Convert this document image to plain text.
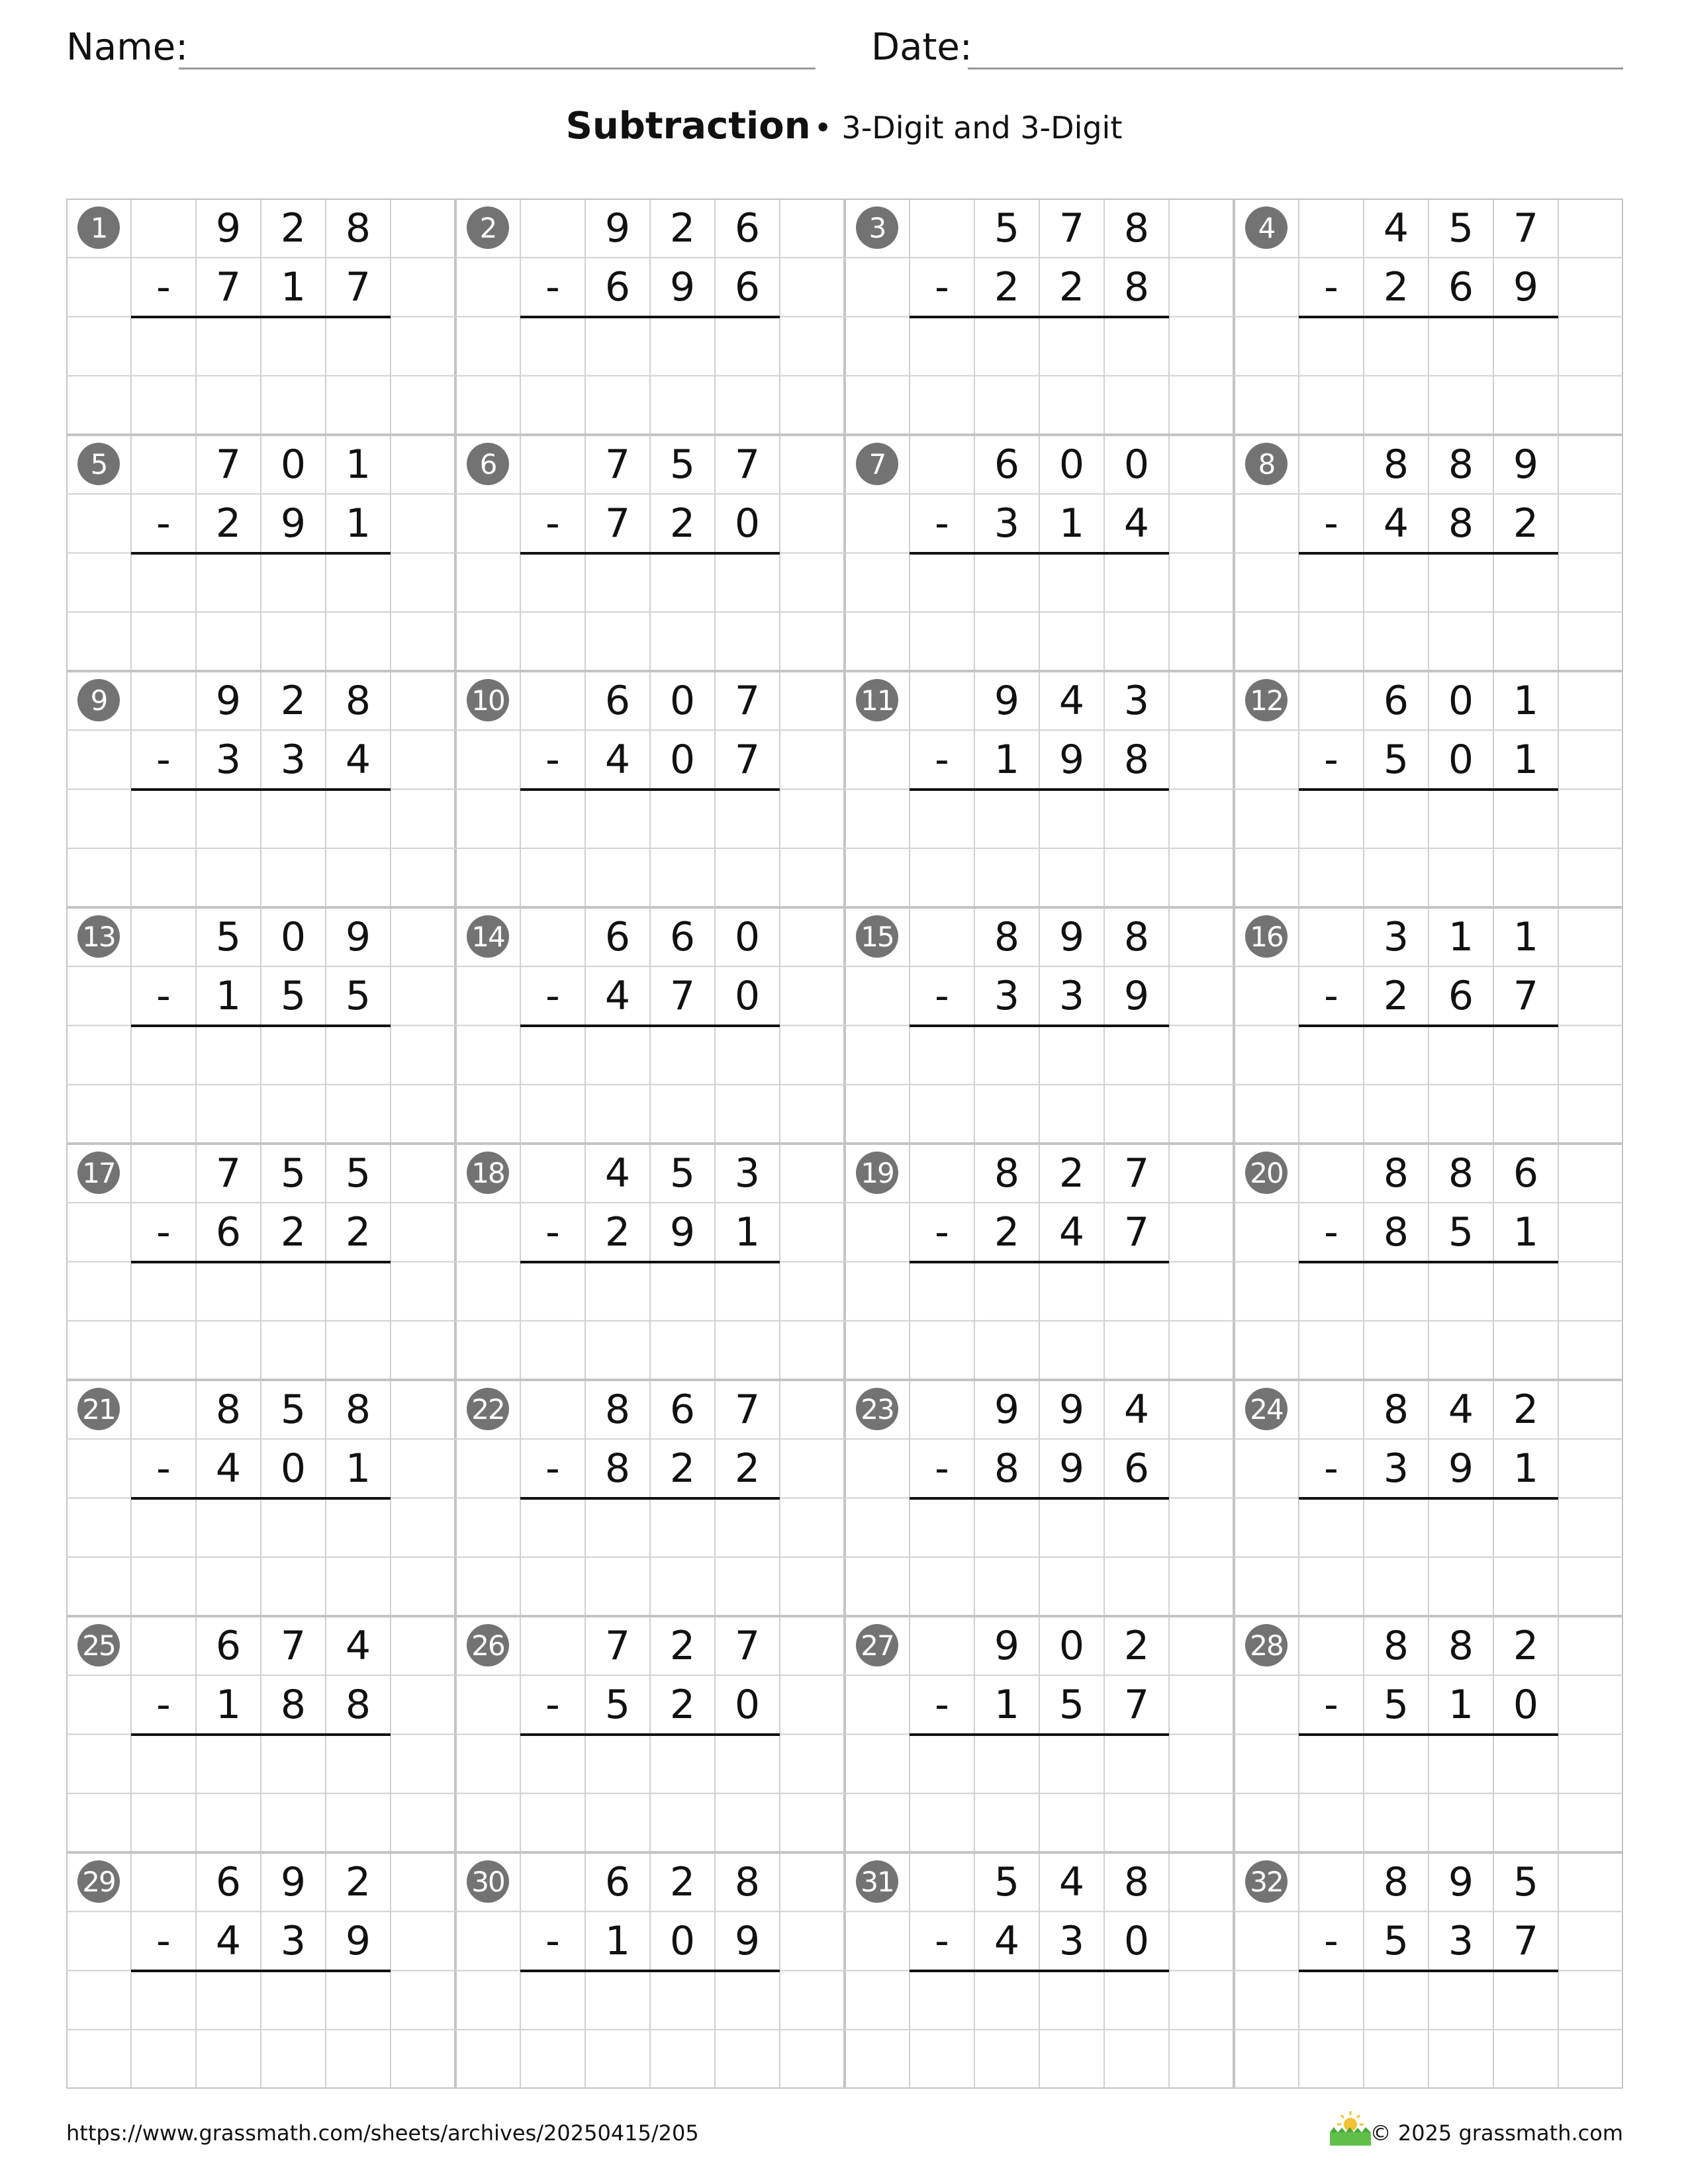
Name:	Date:
Subtraction • 3-Digit and 3-Digit
1	9 2 8
-	7 1 7
2	9 2 6
-	6 9 6
3	5 7 8
-	2 2 8
4	4 5 7
-	2 6 9
5	7 0 1
-	2 9 1
6	7 5 7
-	7 2 0
7	6 0 0
-	3 1 4
8	8 8 9
-	4 8 2
9	9 2 8
-	3 3 4
10	6 0 7
-	4 0 7
11	9 4 3
-	1 9 8
12	6 0 1
-	5 0 1
13	5 0 9
-	1 5 5
14	6 6 0
-	4 7 0
15	8 9 8
-	3 3 9
16	3 1 1
-	2 6 7
17	7 5 5
-	6 2 2
18	4 5 3
-	2 9 1
19	8 2 7
-	2 4 7
20	8 8 6
-	8 5 1
21	8 5 8
-	4 0 1
22	8 6 7
-	8 2 2
23	9 9 4
-	8 9 6
24	8 4 2
-	3 9 1
25	6 7 4
-	1 8 8
26	7 2 7
-	5 2 0
27	9 0 2
-	1 5 7
28	8 8 2
-	5 1 0
29	6 9 2
-	4 3 9
30	6 2 8
-	1 0 9
31	5 4 8
-	4 3 0
32	8 9 5
-	5 3 7
https://www.grassmath.com/sheets/archives/20250415/205	© 2025 grassmath.com
